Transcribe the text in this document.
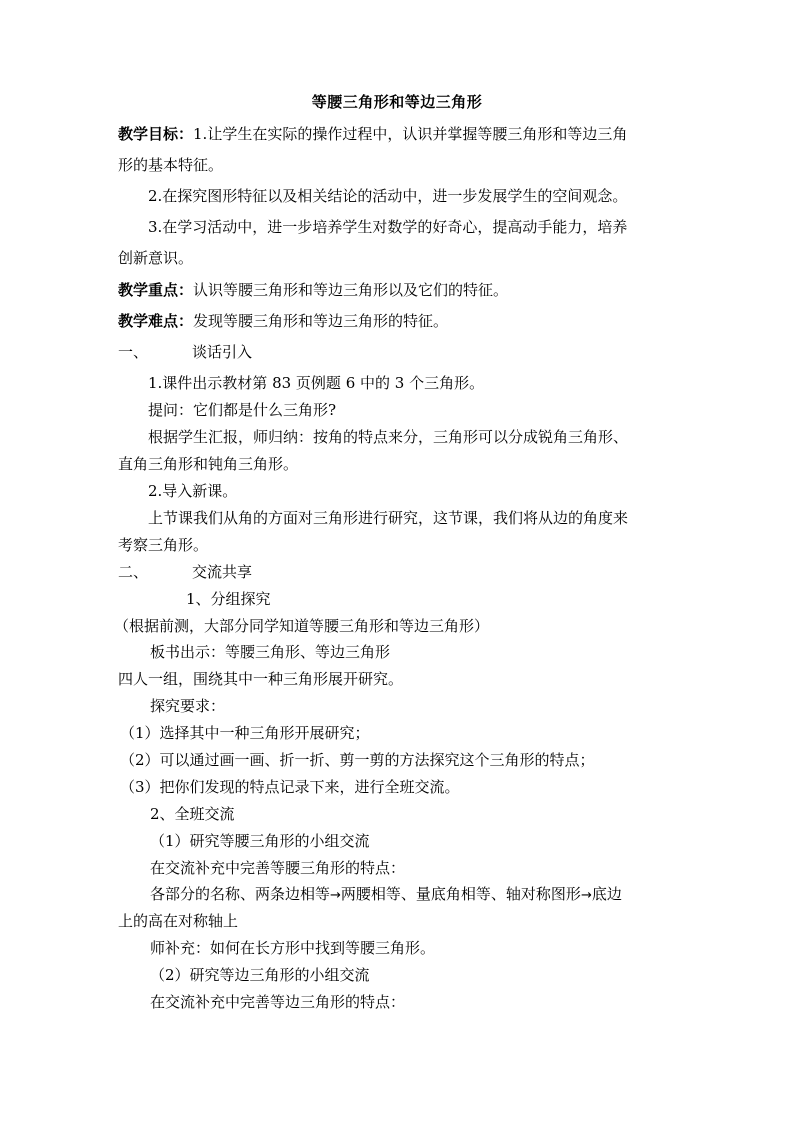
等腰三角形和等边三角形
教学目标：1.让学生在实际的操作过程中，认识并掌握等腰三角形和等边三角
形的基本特征。
2.在探究图形特征以及相关结论的活动中，进一步发展学生的空间观念。
3.在学习活动中，进一步培养学生对数学的好奇心，提高动手能力，培养
创新意识。
教学重点：认识等腰三角形和等边三角形以及它们的特征。
教学难点：发现等腰三角形和等边三角形的特征。
一、	谈话引入
1.课件出示教材第 83 页例题 6 中的 3 个三角形。
提问：它们都是什么三角形?
根据学生汇报，师归纳：按角的特点来分，三角形可以分成锐角三角形、
直角三角形和钝角三角形。
2.导入新课。
上节课我们从角的方面对三角形进行研究，这节课，我们将从边的角度来
考察三角形。
二、	交流共享
1、分组探究
（根据前测，大部分同学知道等腰三角形和等边三角形）
板书出示：等腰三角形、等边三角形
四人一组，围绕其中一种三角形展开研究。
探究要求：
（1）选择其中一种三角形开展研究；
（2）可以通过画一画、折一折、剪一剪的方法探究这个三角形的特点；
（3）把你们发现的特点记录下来，进行全班交流。
2、全班交流
（1）研究等腰三角形的小组交流
在交流补充中完善等腰三角形的特点：
各部分的名称、两条边相等→两腰相等、量底角相等、轴对称图形→底边
上的高在对称轴上
师补充：如何在长方形中找到等腰三角形。
（2）研究等边三角形的小组交流
在交流补充中完善等边三角形的特点：
